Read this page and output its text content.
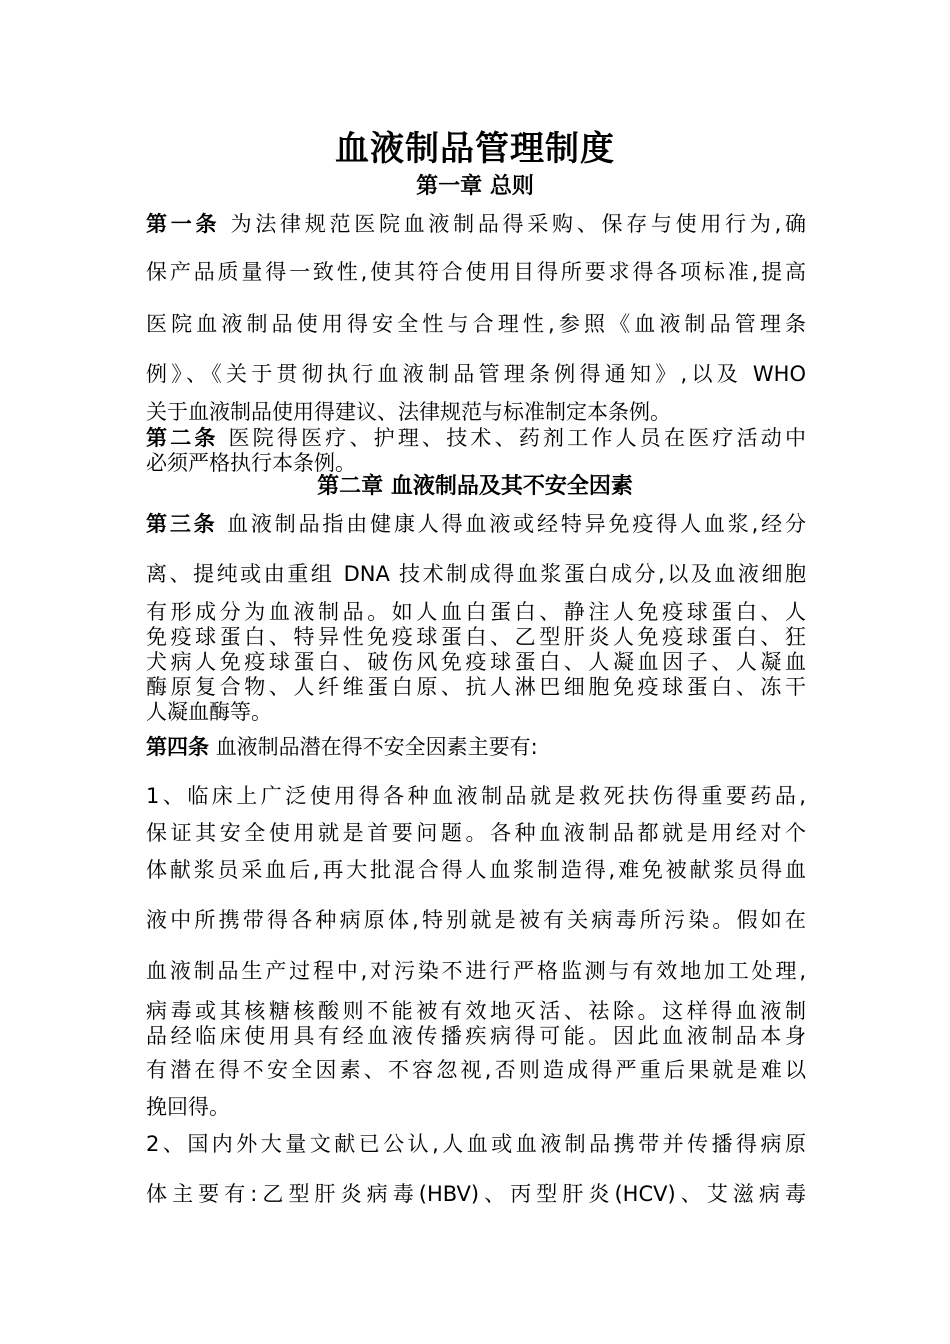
血液制品管理制度
第一章 总则
第一条 为法律规范医院血液制品得采购、保存与使用行为,确
保产品质量得一致性,使其符合使用目得所要求得各项标准,提高
医院血液制品使用得安全性与合理性,参照《血液制品管理条
例》、《关于贯彻执行血液制品管理条例得通知》,以及 WHO
关于血液制品使用得建议、法律规范与标准制定本条例。
第二条 医院得医疗、护理、技术、药剂工作人员在医疗活动中
必须严格执行本条例。
第二章 血液制品及其不安全因素
第三条 血液制品指由健康人得血液或经特异免疫得人血浆,经分
离、提纯或由重组 DNA 技术制成得血浆蛋白成分,以及血液细胞
有形成分为血液制品。如人血白蛋白、静注人免疫球蛋白、人
免疫球蛋白、特异性免疫球蛋白、乙型肝炎人免疫球蛋白、狂
犬病人免疫球蛋白、破伤风免疫球蛋白、人凝血因子、人凝血
酶原复合物、人纤维蛋白原、抗人淋巴细胞免疫球蛋白、冻干
人凝血酶等。
第四条 血液制品潜在得不安全因素主要有:
1、临床上广泛使用得各种血液制品就是救死扶伤得重要药品,
保证其安全使用就是首要问题。各种血液制品都就是用经对个
体献浆员采血后,再大批混合得人血浆制造得,难免被献浆员得血
液中所携带得各种病原体,特别就是被有关病毒所污染。假如在
血液制品生产过程中,对污染不进行严格监测与有效地加工处理,
病毒或其核糖核酸则不能被有效地灭活、祛除。这样得血液制
品经临床使用具有经血液传播疾病得可能。因此血液制品本身
有潜在得不安全因素、不容忽视,否则造成得严重后果就是难以
挽回得。
2、国内外大量文献已公认,人血或血液制品携带并传播得病原
体主要有:乙型肝炎病毒(HBV)、丙型肝炎(HCV)、艾滋病毒
